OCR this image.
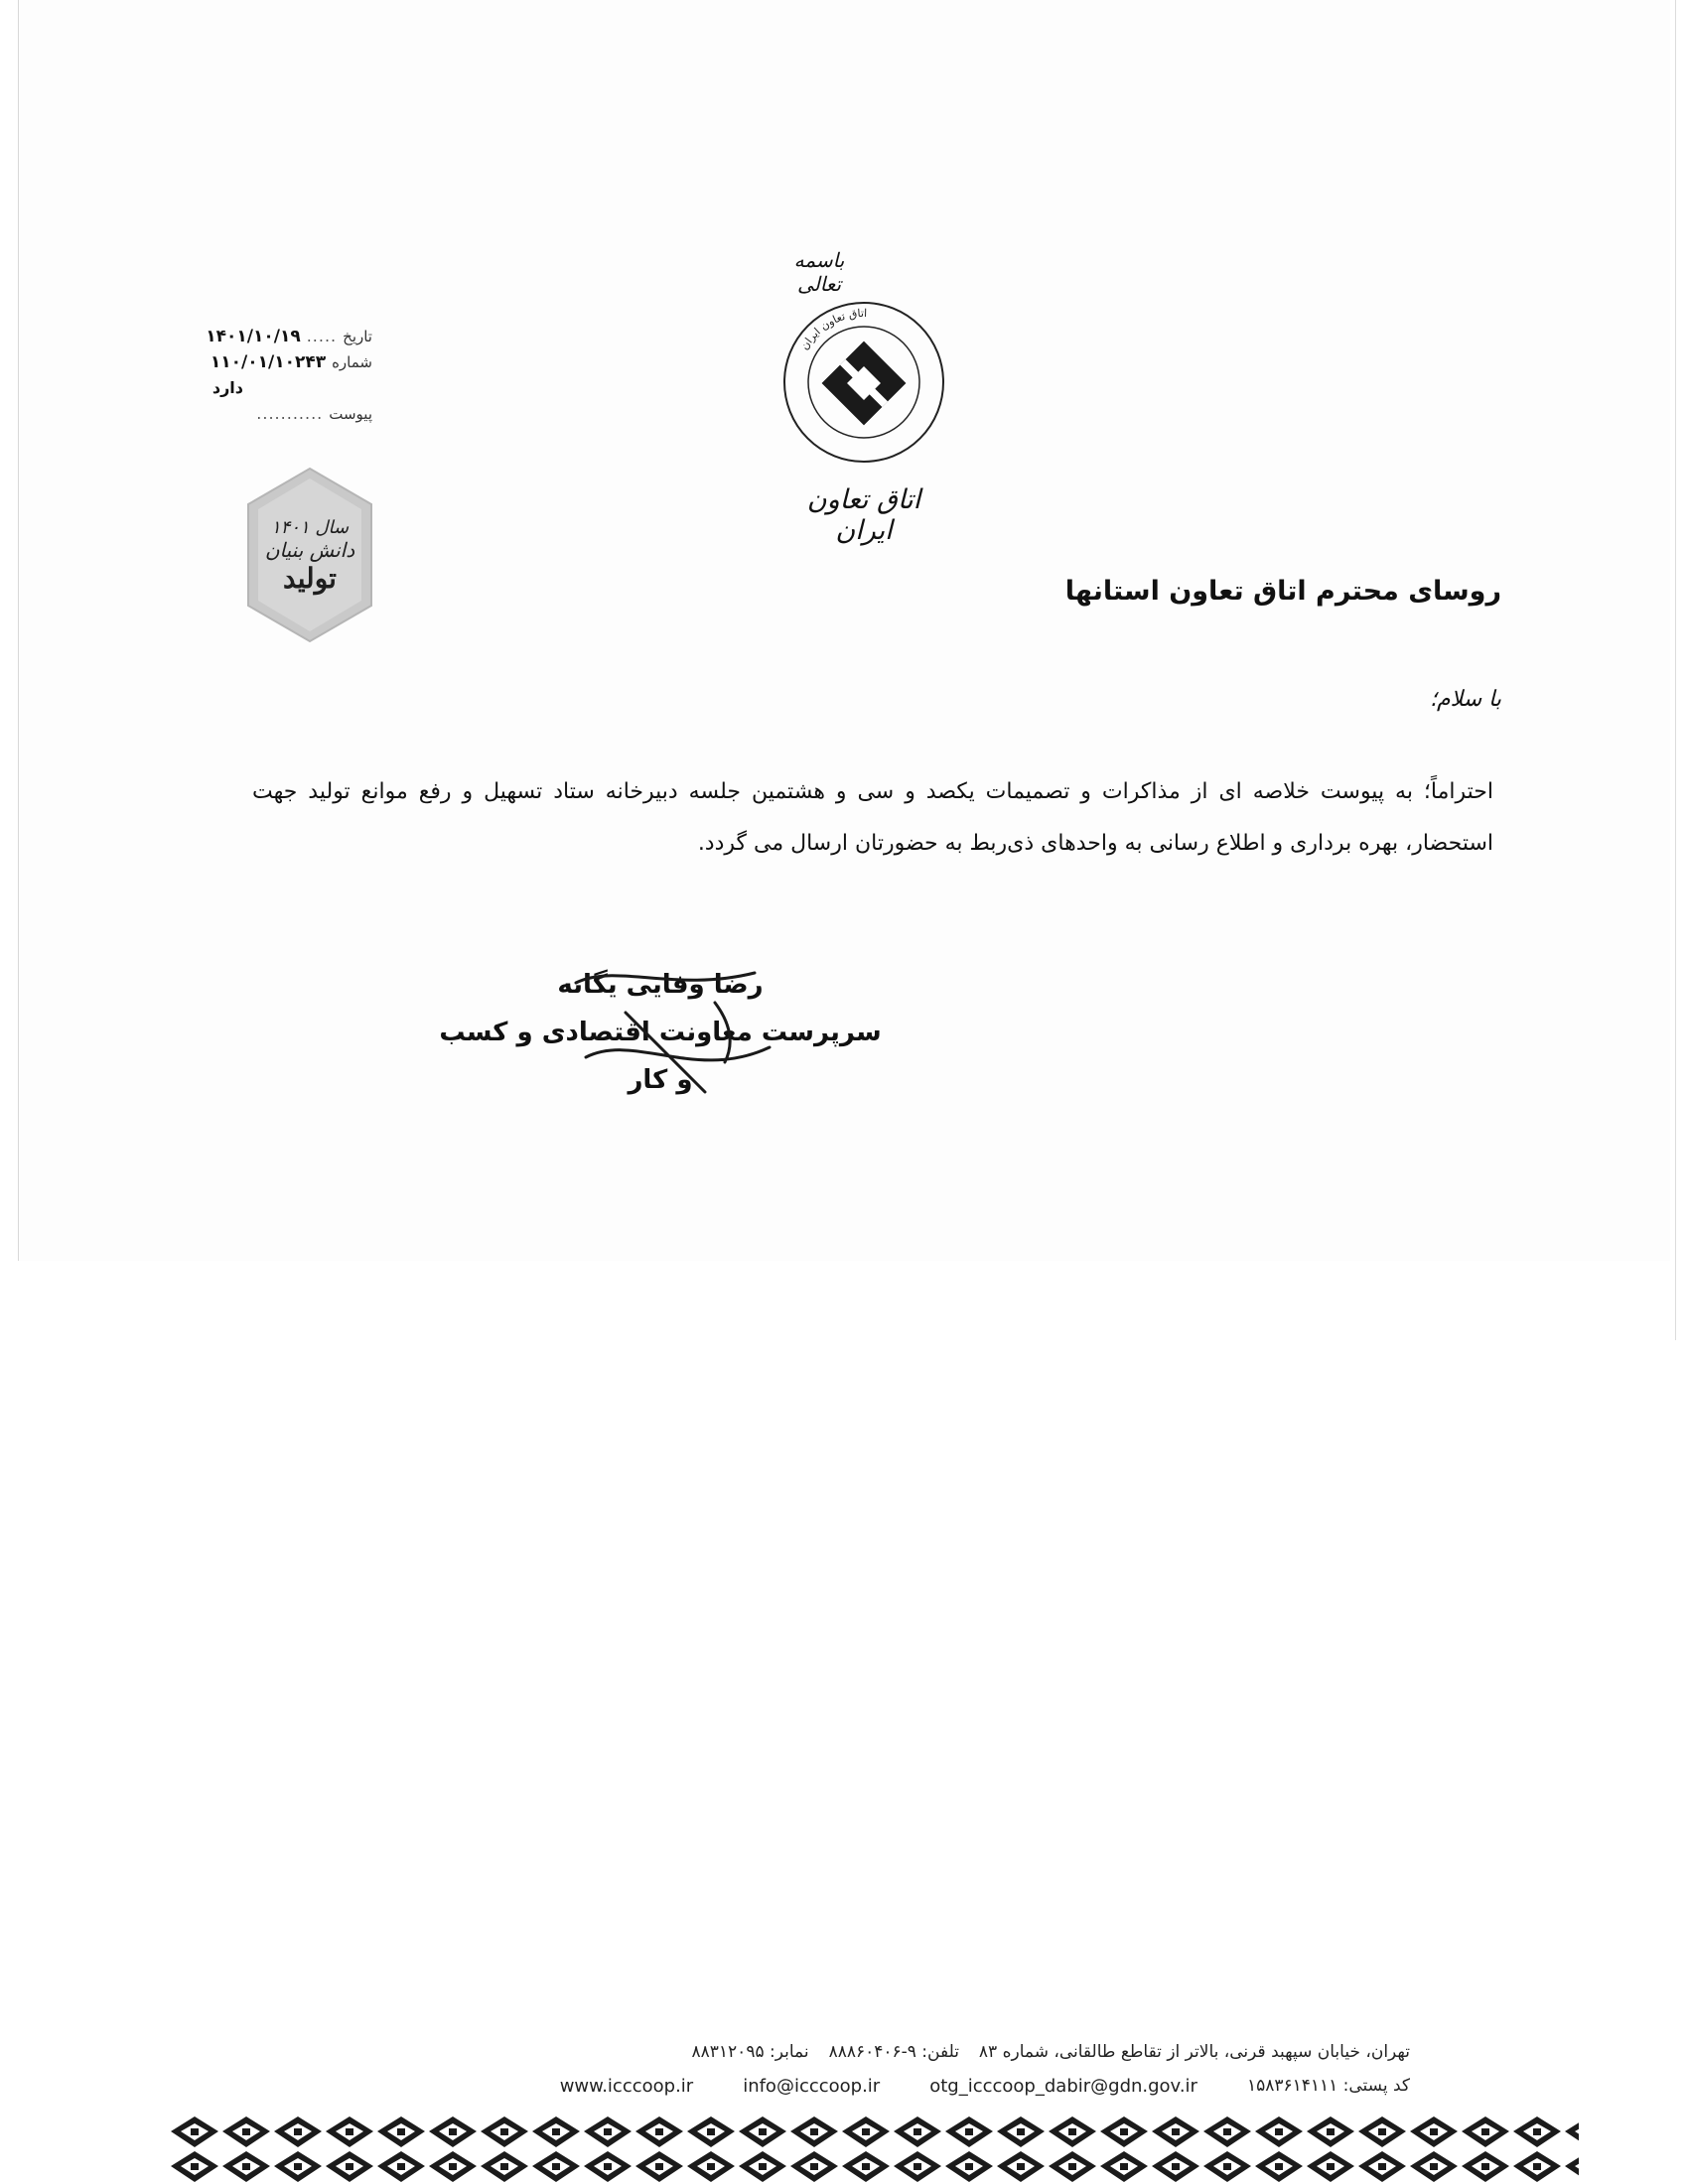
باسمه تعالی
اتاق تعاون ایران
اتاق تعاون ایران
تاریخ
.....
۱۴۰۱/۱۰/۱۹
شماره
۱۱۰/۰۱/۱۰۲۴۳
دارد
پیوست
...........
سال ۱۴۰۱
دانش بنیان
تولید	روسای محترم اتاق تعاون استانها
با سلام؛
احتراماً؛ به پیوست خلاصه ای از مذاکرات و تصمیمات یکصد و سی و هشتمین جلسه دبیرخانه ستاد تسهیل و رفع موانع تولید جهت استحضار، بهره برداری و اطلاع رسانی به واحدهای ذی‌ربط به حضورتان ارسال می گردد.
رضا وفایی یگانه
سرپرست معاونت اقتصادی و کسب و کار
تهران، خیابان سپهبد قرنی، بالاتر از تقاطع طالقانی، شماره ۸۳
تلفن: ۹-۸۸۸۶۰۴۰۶
نمابر: ۸۸۳۱۲۰۹۵
کد پستی: ۱۵۸۳۶۱۴۱۱۱
otg_icccoop_dabir@gdn.gov.ir
info@icccoop.ir
www.icccoop.ir
